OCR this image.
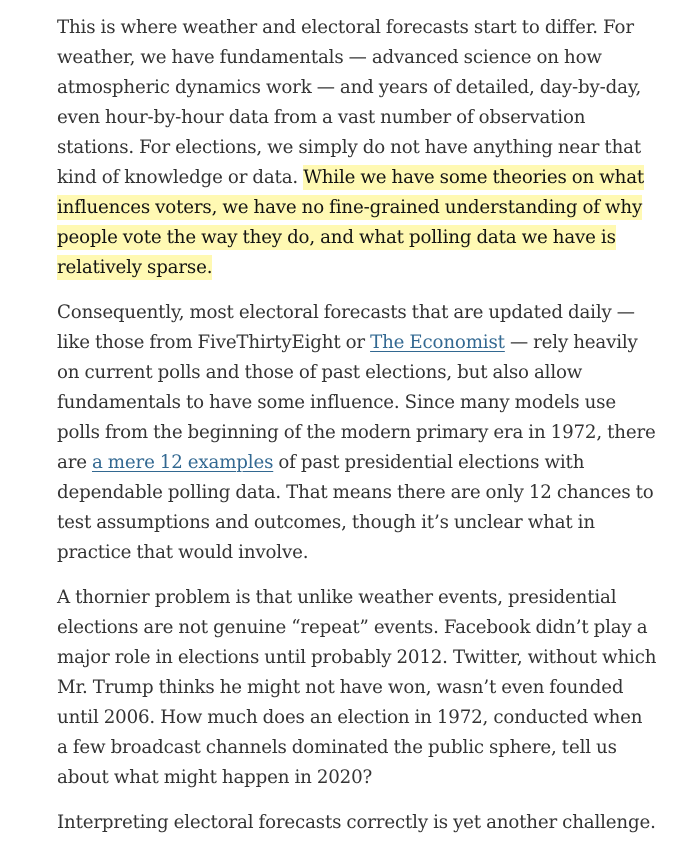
This is where weather and electoral forecasts start to differ. For weather, we have fundamentals — advanced science on how atmospheric dynamics work — and years of detailed, day-by-day, even hour-by-hour data from a vast number of observation stations. For elections, we simply do not have anything near that kind of knowledge or data. While we have some theories on what influences voters, we have no fine-grained understanding of why people vote the way they do, and what polling data we have is relatively sparse.

Consequently, most electoral forecasts that are updated daily — like those from FiveThirtyEight or The Economist — rely heavily on current polls and those of past elections, but also allow fundamentals to have some influence. Since many models use polls from the beginning of the modern primary era in 1972, there are a mere 12 examples of past presidential elections with dependable polling data. That means there are only 12 chances to test assumptions and outcomes, though it’s unclear what in practice that would involve.

A thornier problem is that unlike weather events, presidential elections are not genuine “repeat” events. Facebook didn’t play a major role in elections until probably 2012. Twitter, without which Mr. Trump thinks he might not have won, wasn’t even founded until 2006. How much does an election in 1972, conducted when a few broadcast channels dominated the public sphere, tell us about what might happen in 2020?

Interpreting electoral forecasts correctly is yet another challenge.
